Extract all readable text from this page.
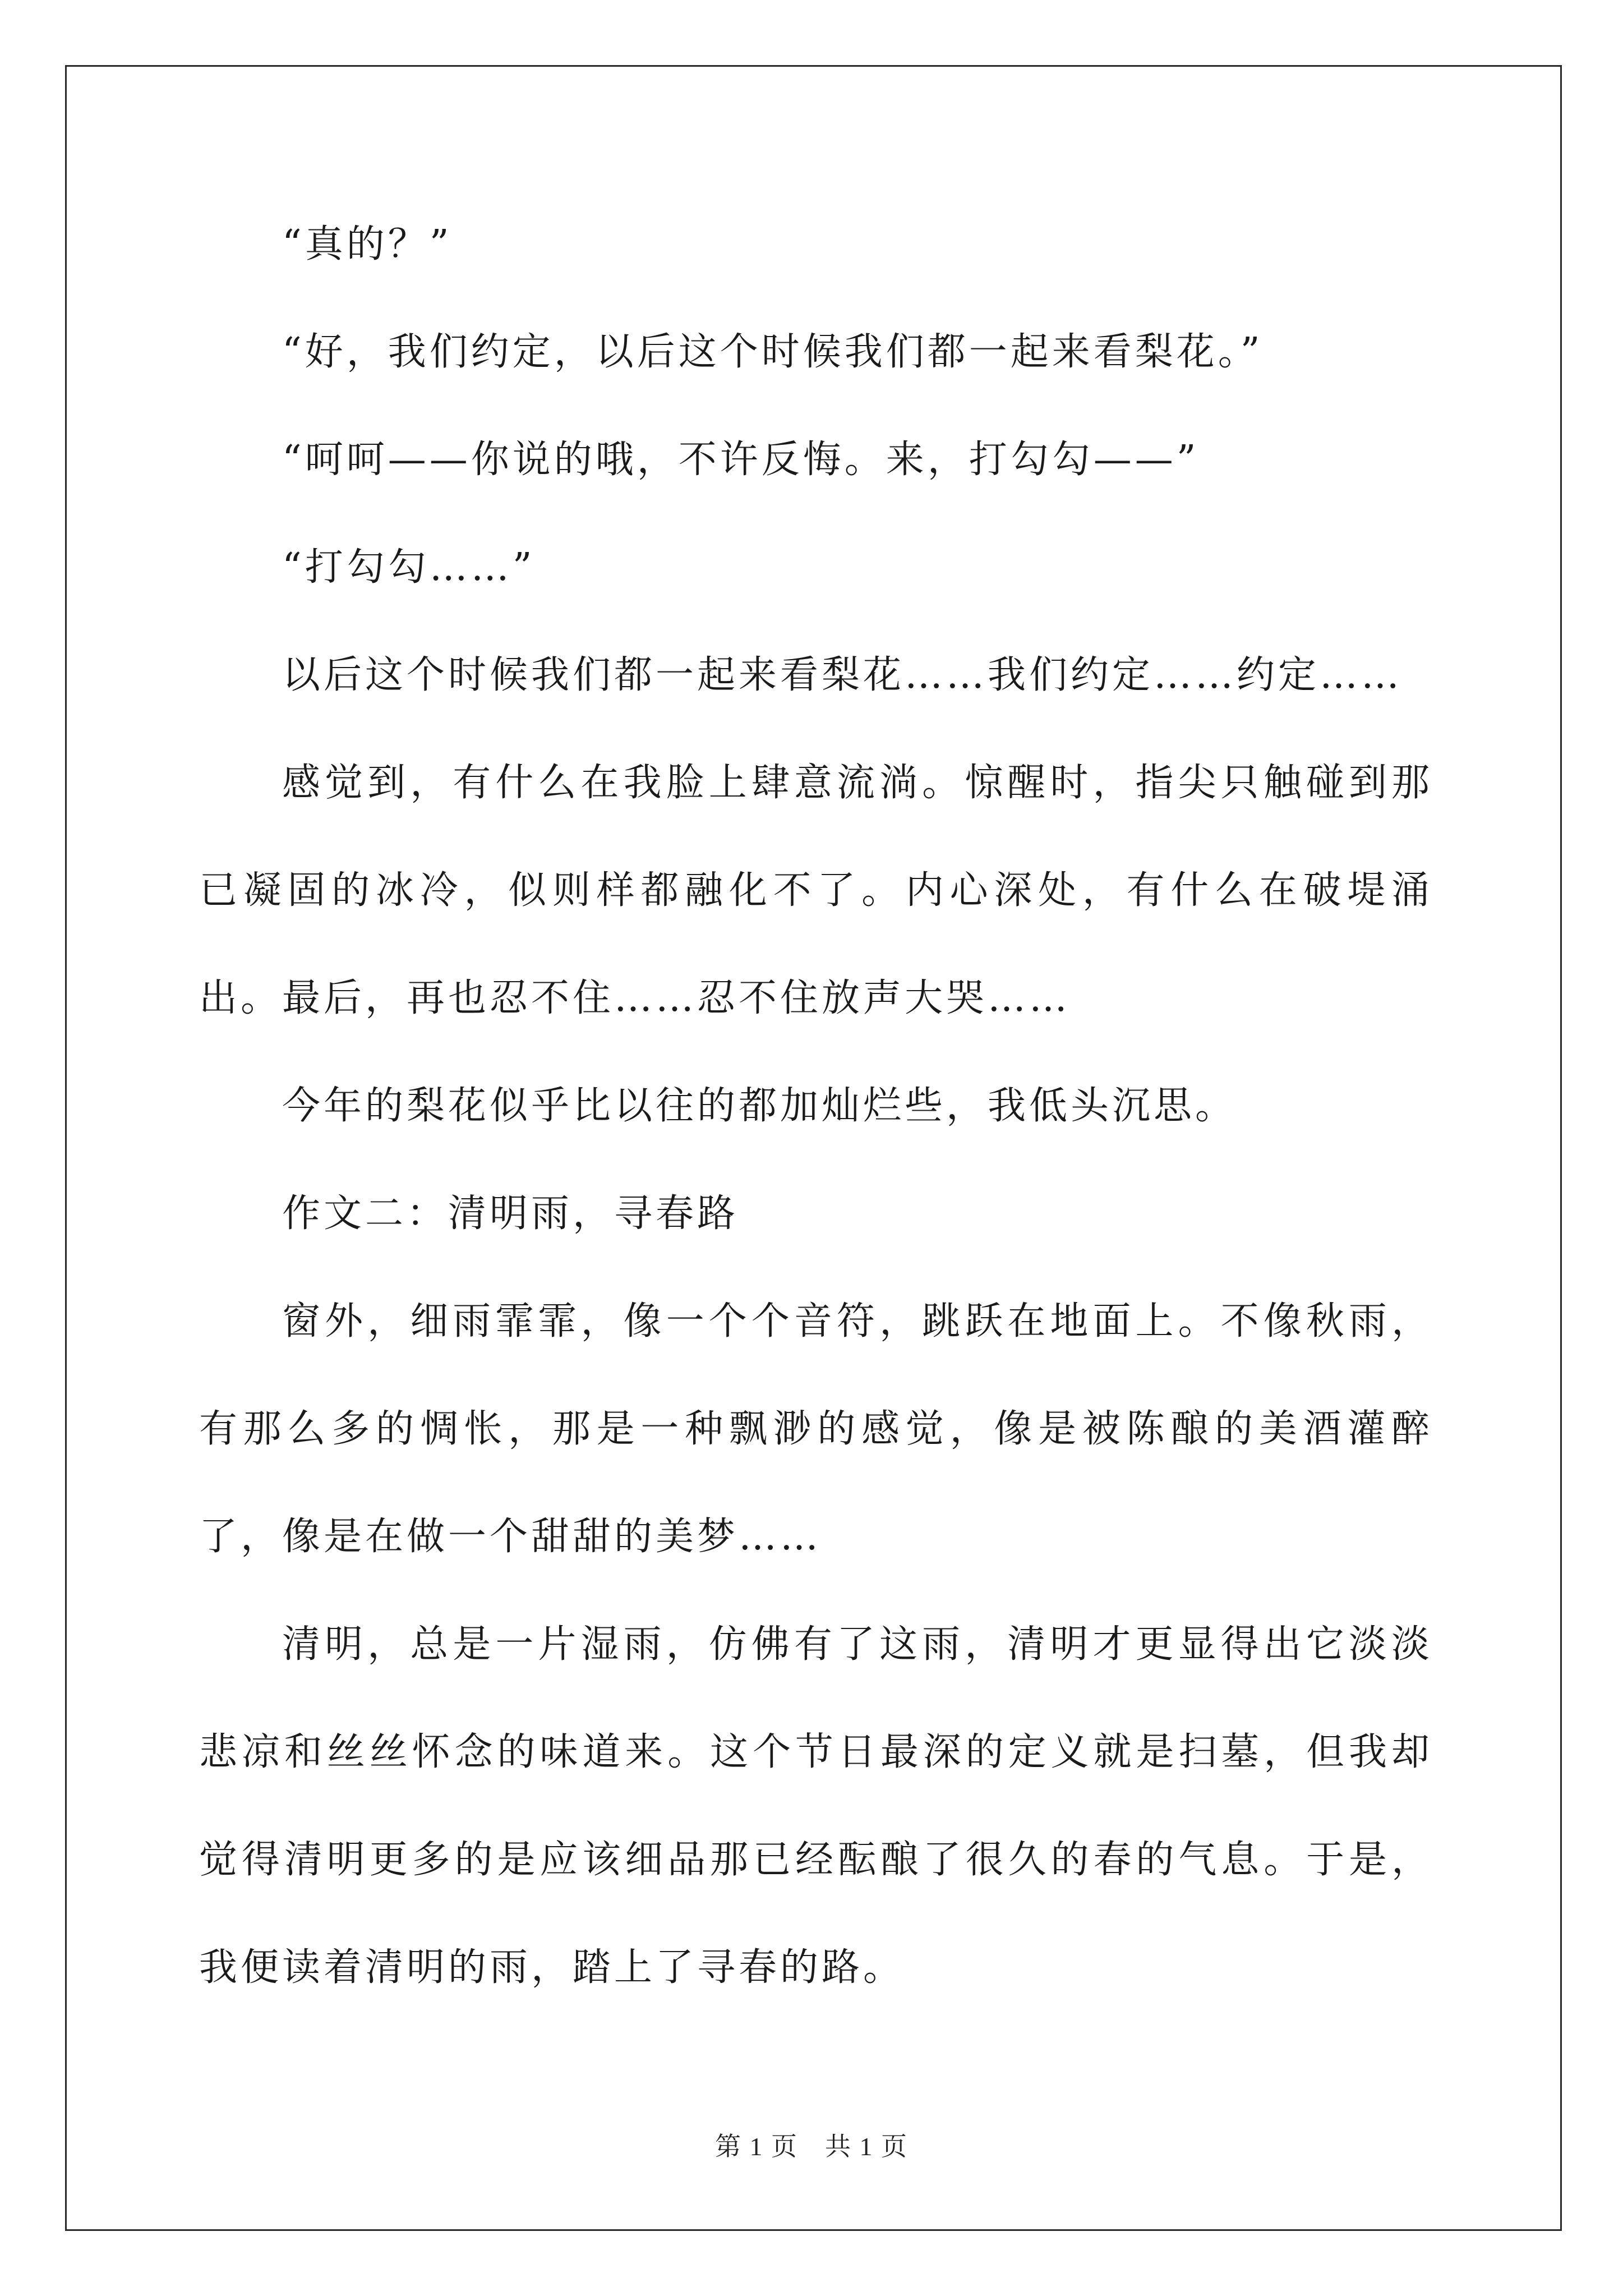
“真的？”

“好，我们约定，以后这个时候我们都一起来看梨花。”

“呵呵——你说的哦，不许反悔。来，打勾勾——”

“打勾勾……”

以后这个时候我们都一起来看梨花……我们约定……约定……

感觉到，有什么在我脸上肆意流淌。惊醒时，指尖只触碰到那已凝固的冰冷，似则样都融化不了。内心深处，有什么在破堤涌出。最后，再也忍不住……忍不住放声大哭……

今年的梨花似乎比以往的都加灿烂些，我低头沉思。

作文二：清明雨，寻春路

窗外，细雨霏霏，像一个个音符，跳跃在地面上。不像秋雨，有那么多的惆怅，那是一种飘渺的感觉，像是被陈酿的美酒灌醉了，像是在做一个甜甜的美梦……

清明，总是一片湿雨，仿佛有了这雨，清明才更显得出它淡淡悲凉和丝丝怀念的味道来。这个节日最深的定义就是扫墓，但我却觉得清明更多的是应该细品那已经酝酿了很久的春的气息。于是，我便读着清明的雨，踏上了寻春的路。

第 1 页　共 1 页
